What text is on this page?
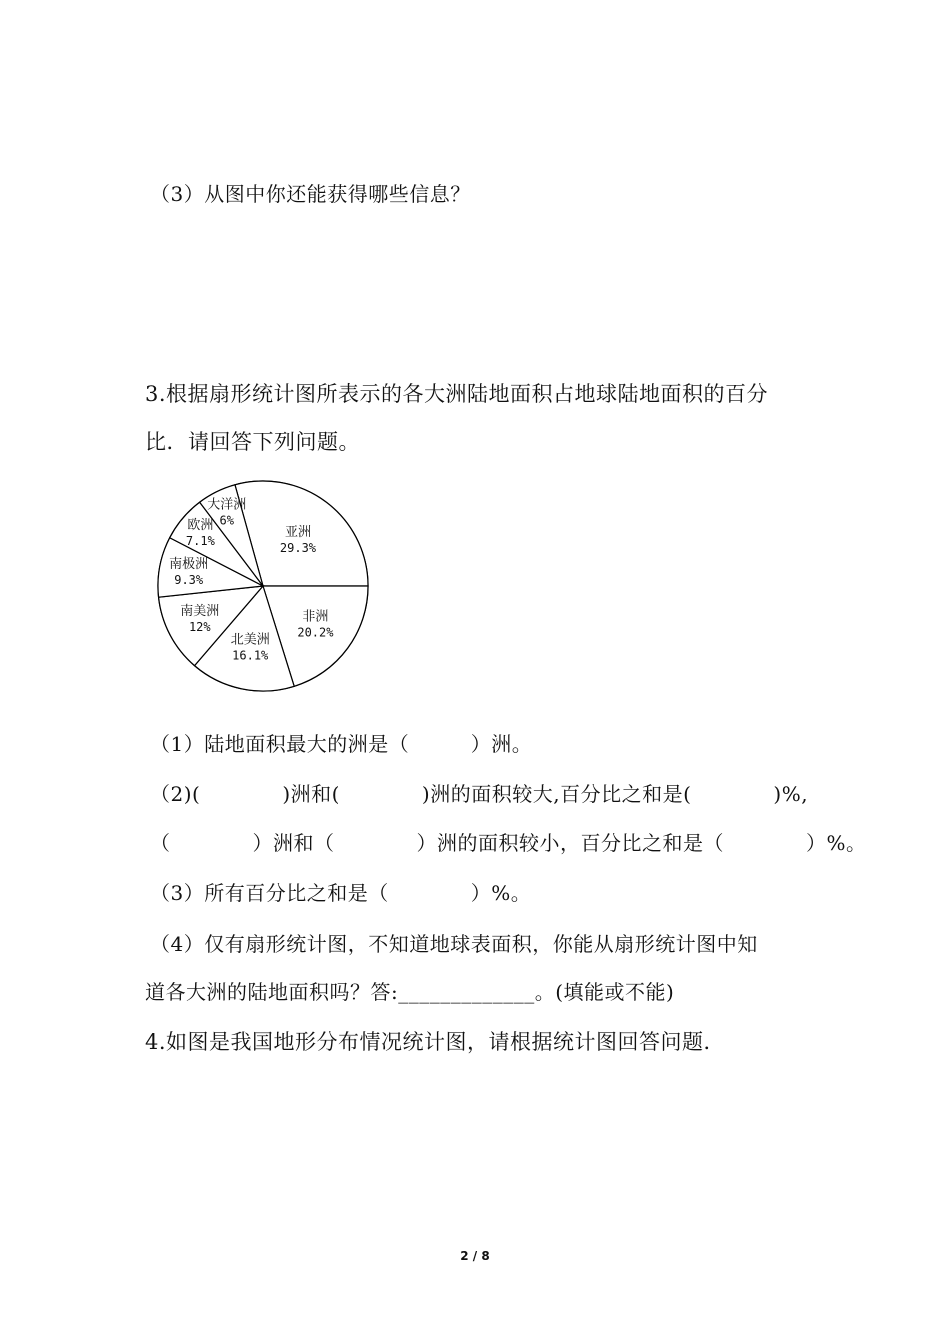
（3）从图中你还能获得哪些信息？
3.根据扇形统计图所表示的各大洲陆地面积占地球陆地面积的百分
比．请回答下列问题。
亚洲
29.3%
非洲
20.2%
北美洲
16.1%
南美洲
12%
南极洲
9.3%
欧洲
7.1%
大洋洲
6%
（1）陆地面积最大的洲是（　　　）洲。
（2)(　　　　)洲和(　　　　)洲的面积较大,百分比之和是(　　　　)%,
（　　　　）洲和（　　　　）洲的面积较小，百分比之和是（　　　　）%。
（3）所有百分比之和是（　　　　）%。
（4）仅有扇形统计图，不知道地球表面积，你能从扇形统计图中知
道各大洲的陆地面积吗？答:_____________。(填能或不能)
4.如图是我国地形分布情况统计图，请根据统计图回答问题．
2 / 8
